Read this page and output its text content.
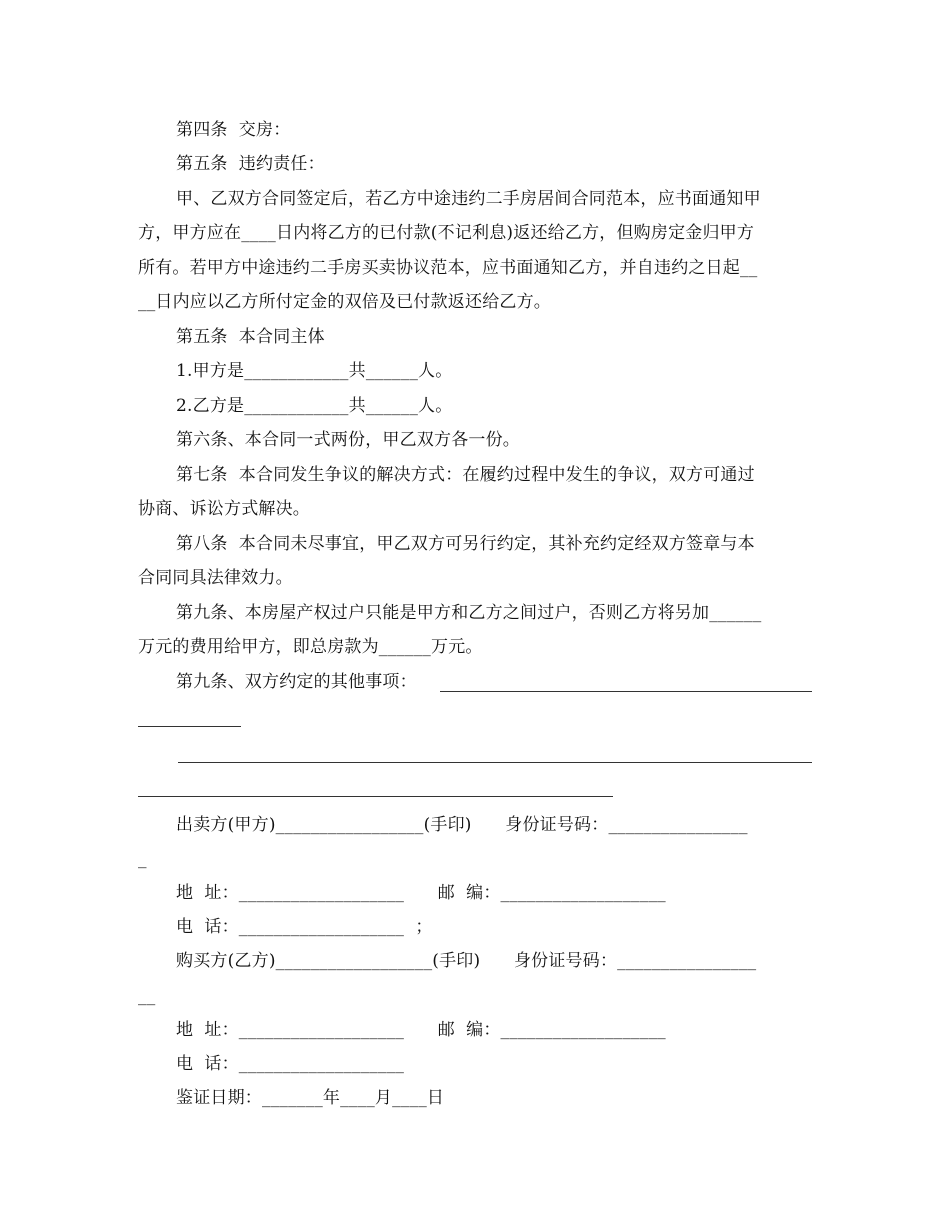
第四条  交房：
第五条  违约责任：
甲、乙双方合同签定后，若乙方中途违约二手房居间合同范本，应书面通知甲
方，甲方应在____日内将乙方的已付款(不记利息)返还给乙方，但购房定金归甲方
所有。若甲方中途违约二手房买卖协议范本，应书面通知乙方，并自违约之日起__
__日内应以乙方所付定金的双倍及已付款返还给乙方。
第五条  本合同主体
1.甲方是____________共______人。
2.乙方是____________共______人。
第六条、本合同一式两份，甲乙双方各一份。
第七条  本合同发生争议的解决方式：在履约过程中发生的争议，双方可通过
协商、诉讼方式解决。
第八条  本合同未尽事宜，甲乙双方可另行约定，其补充约定经双方签章与本
合同同具法律效力。
第九条、本房屋产权过户只能是甲方和乙方之间过户，否则乙方将另加______
万元的费用给甲方，即总房款为______万元。
第九条、双方约定的其他事项：
出卖方(甲方)_________________(手印)      身份证号码：________________
_
地  址：___________________      邮  编：___________________
电  话：___________________  ；
购买方(乙方)__________________(手印)      身份证号码：________________
__
地  址：___________________      邮  编：___________________
电  话：___________________
鉴证日期：_______年____月____日
